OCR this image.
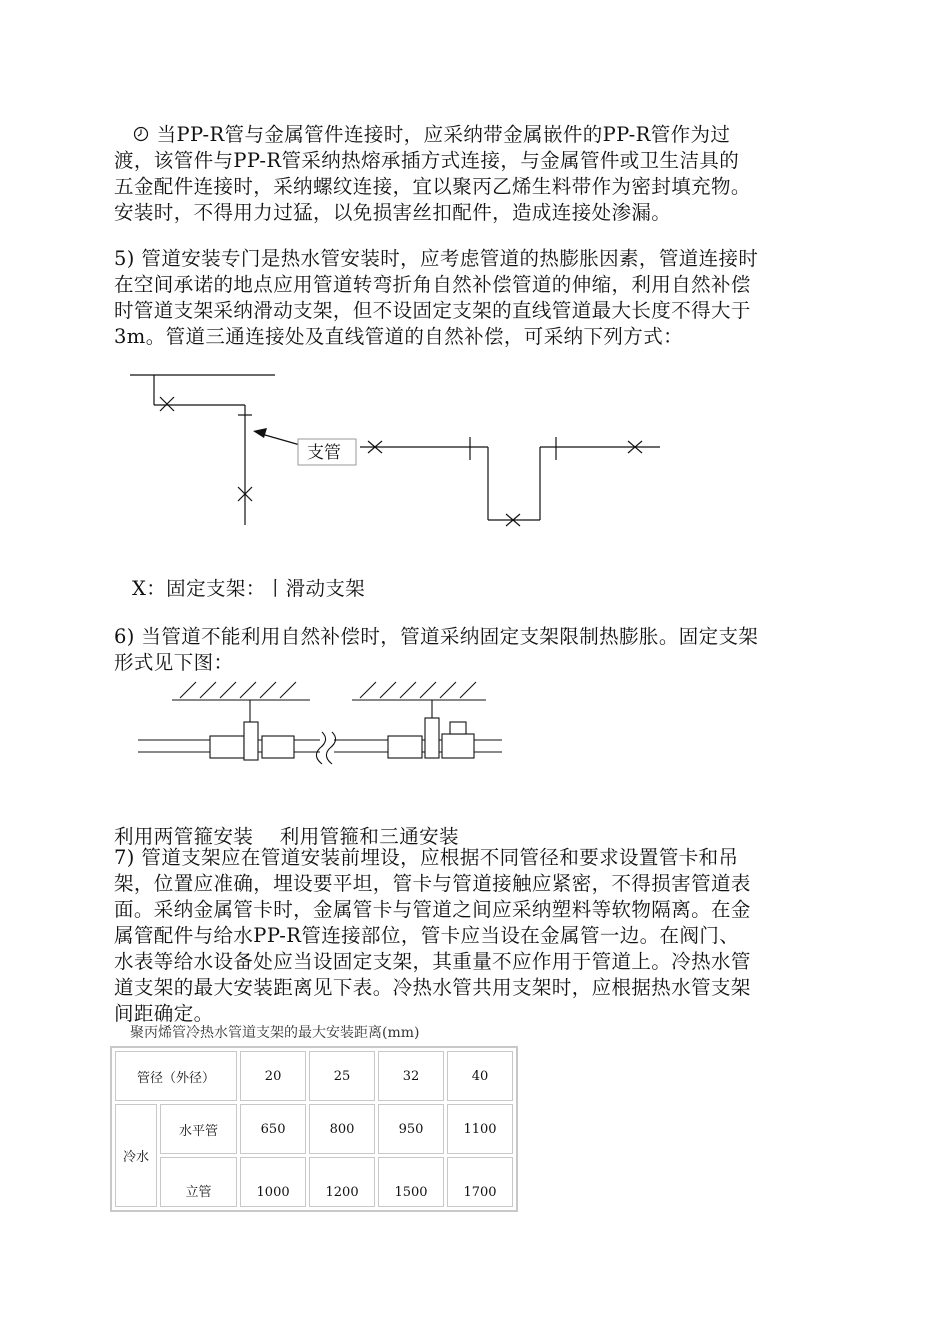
当PP-R管与金属管件连接时，应采纳带金属嵌件的PP-R管作为过
渡，该管件与PP-R管采纳热熔承插方式连接，与金属管件或卫生洁具的
五金配件连接时，采纳螺纹连接，宜以聚丙乙烯生料带作为密封填充物。
安装时，不得用力过猛，以免损害丝扣配件，造成连接处渗漏。
5) 管道安装专门是热水管安装时，应考虑管道的热膨胀因素，管道连接时
在空间承诺的地点应用管道转弯折角自然补偿管道的伸缩，利用自然补偿
时管道支架采纳滑动支架，但不设固定支架的直线管道最大长度不得大于
3m。管道三通连接处及直线管道的自然补偿，可采纳下列方式：
支管
X：固定支架：丨滑动支架
6) 当管道不能利用自然补偿时，管道采纳固定支架限制热膨胀。固定支架
形式见下图：
利用两管箍安装　 利用管箍和三通安装
7) 管道支架应在管道安装前埋设，应根据不同管径和要求设置管卡和吊
架，位置应准确，埋设要平坦，管卡与管道接触应紧密，不得损害管道表
面。采纳金属管卡时，金属管卡与管道之间应采纳塑料等软物隔离。在金
属管配件与给水PP-R管连接部位，管卡应当设在金属管一边。在阀门、
水表等给水设备处应当设固定支架，其重量不应作用于管道上。冷热水管
道支架的最大安装距离见下表。冷热水管共用支架时，应根据热水管支架
间距确定。
聚丙烯管冷热水管道支架的最大安装距离(mm)
管径（外径）		20	25	32	40
冷水	水平管	650	800	950	1100
	立管	1000	1200	1500	1700
